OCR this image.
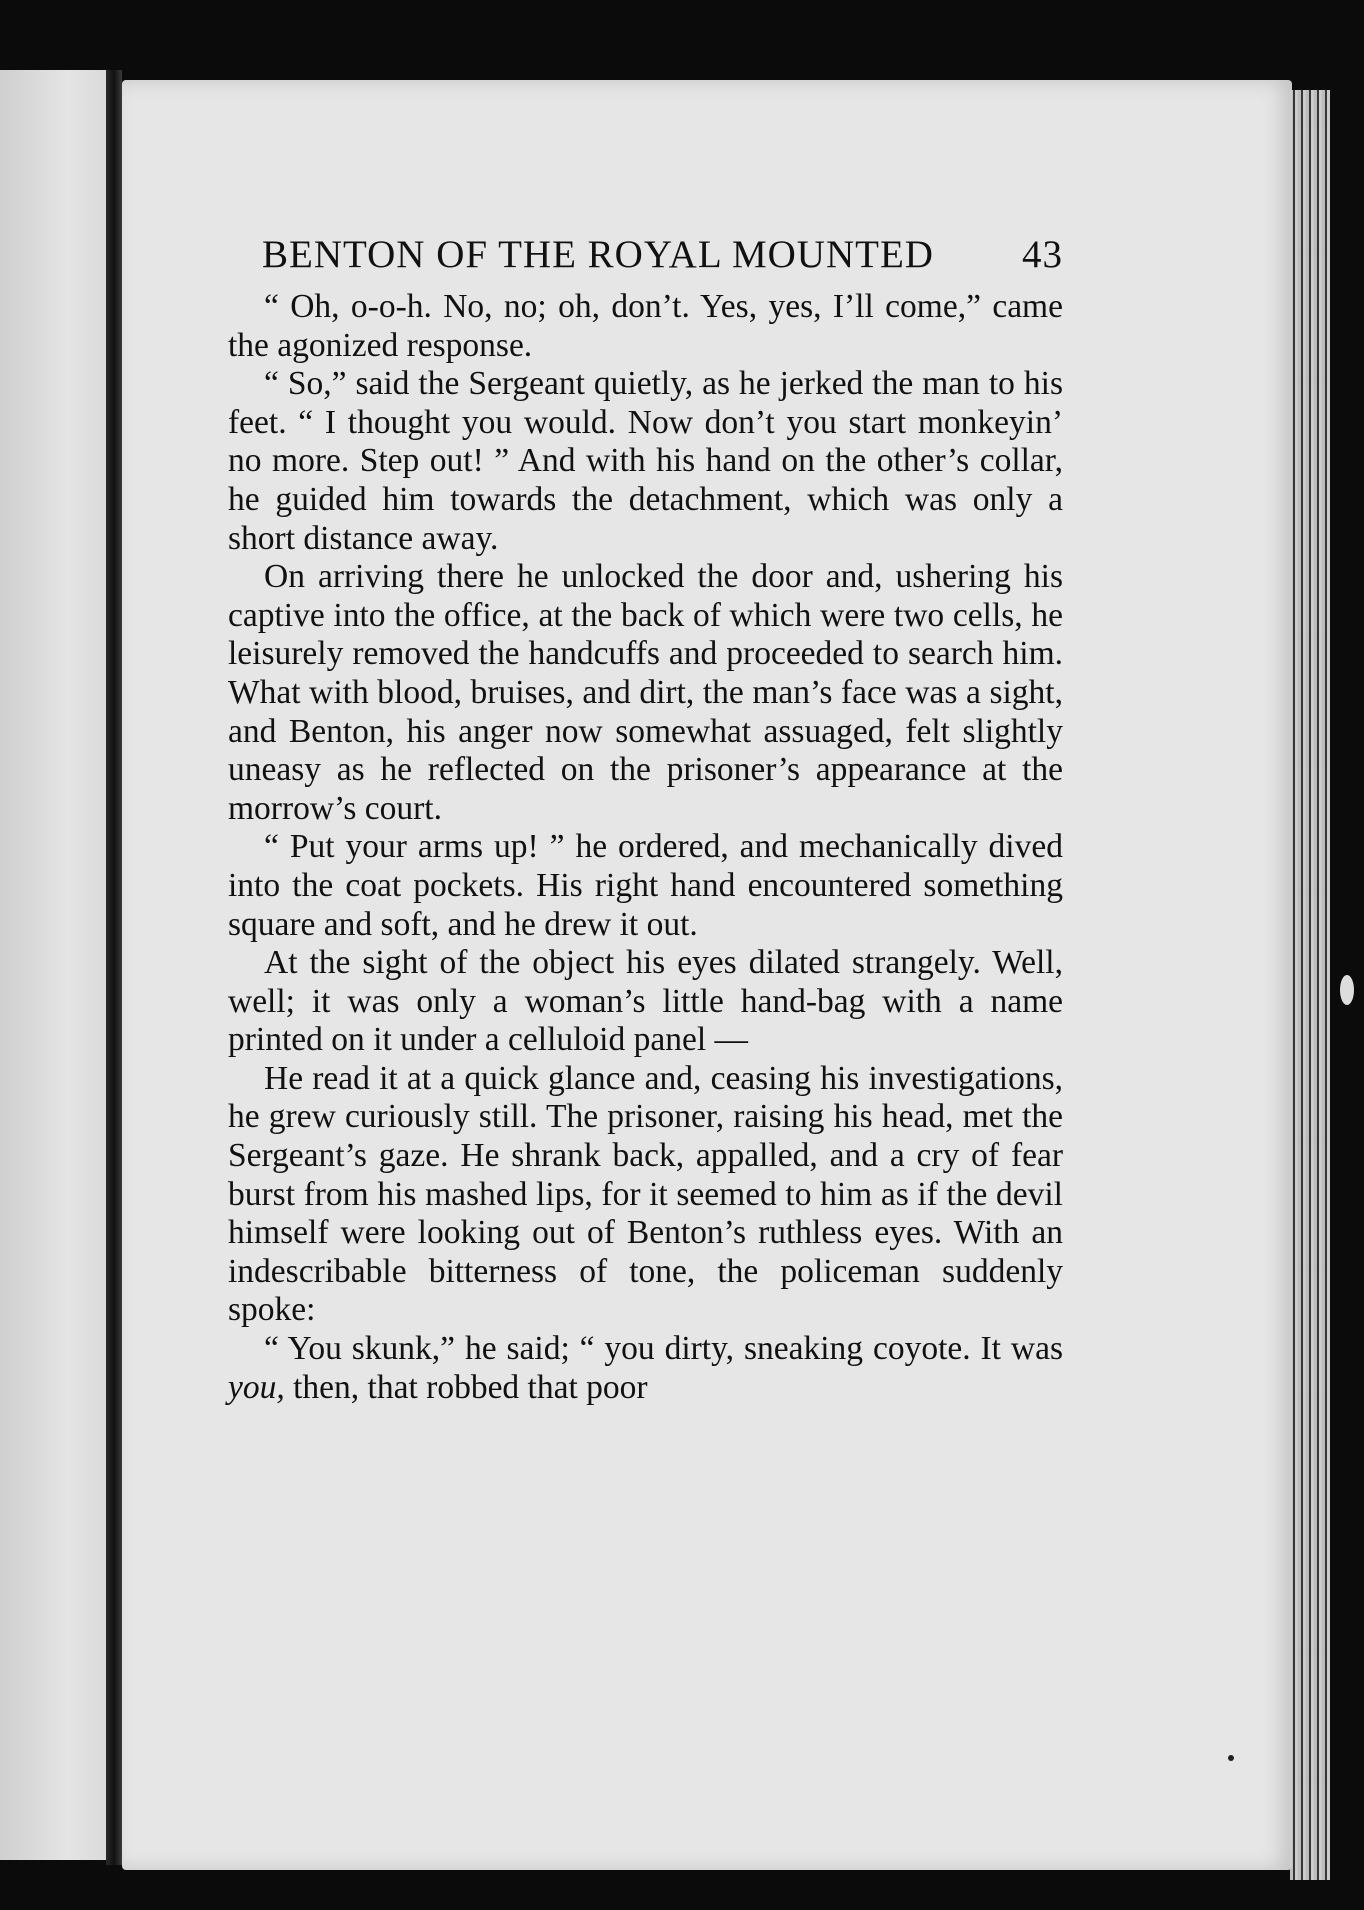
BENTON OF THE ROYAL MOUNTED 43

“ Oh, o-o-h. No, no; oh, don’t. Yes, yes, I’ll come,” came the agonized response.

“ So,” said the Sergeant quietly, as he jerked the man to his feet. “ I thought you would. Now don’t you start monkeyin’ no more. Step out! ” And with his hand on the other’s collar, he guided him towards the detachment, which was only a short distance away.

On arriving there he unlocked the door and, ushering his captive into the office, at the back of which were two cells, he leisurely removed the handcuffs and proceeded to search him. What with blood, bruises, and dirt, the man’s face was a sight, and Benton, his anger now somewhat assuaged, felt slightly uneasy as he reflected on the prisoner’s appearance at the morrow’s court.

“ Put your arms up! ” he ordered, and mechanically dived into the coat pockets. His right hand encountered something square and soft, and he drew it out.

At the sight of the object his eyes dilated strangely. Well, well; it was only a woman’s little hand-bag with a name printed on it under a celluloid panel —

He read it at a quick glance and, ceasing his investigations, he grew curiously still. The prisoner, raising his head, met the Sergeant’s gaze. He shrank back, appalled, and a cry of fear burst from his mashed lips, for it seemed to him as if the devil himself were looking out of Benton’s ruthless eyes. With an indescribable bitterness of tone, the policeman suddenly spoke:

“ You skunk,” he said; “ you dirty, sneaking coyote. It was you, then, that robbed that poor
